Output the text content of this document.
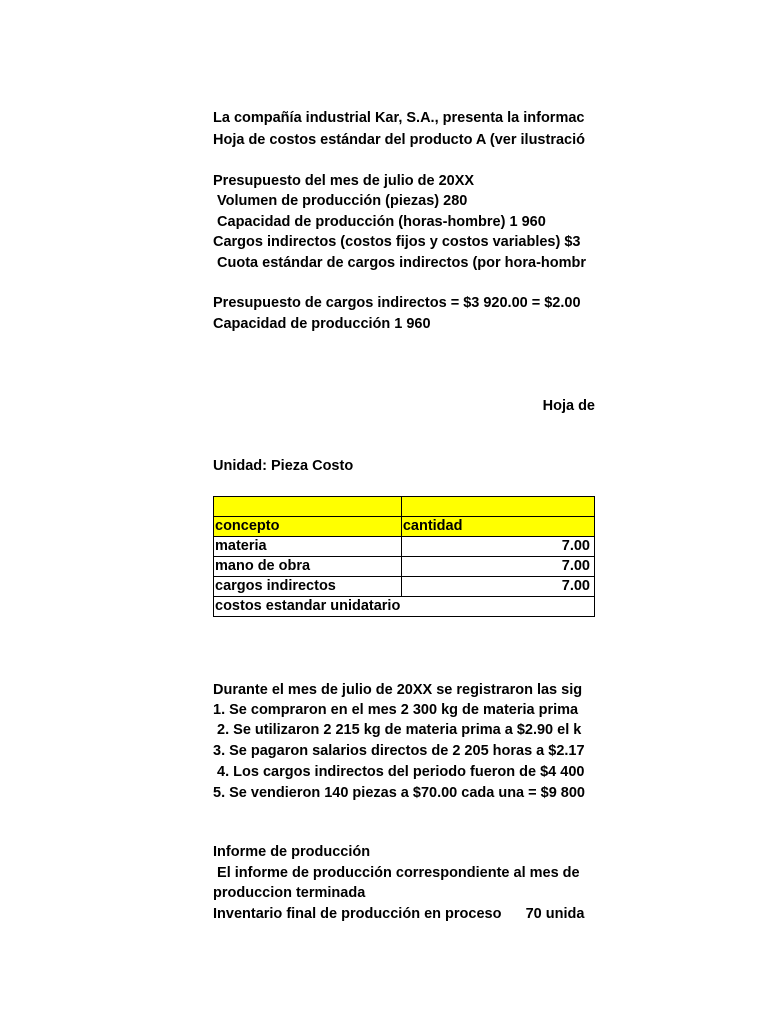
La compañía industrial Kar, S.A., presenta la informac
Hoja de costos estándar del producto A (ver ilustració
Presupuesto del mes de julio de 20XX
Volumen de producción (piezas) 280
Capacidad de producción (horas-hombre) 1 960
Cargos indirectos (costos fijos y costos variables) $3
Cuota estándar de cargos indirectos (por hora-hombr
Presupuesto de cargos indirectos = $3 920.00 = $2.00
Capacidad de producción 1 960
Hoja de
Unidad: Pieza Costo

concepto	cantidad
materia	7.00
mano de obra	7.00
cargos indirectos	7.00

costos estandar unidatario	

Durante el mes de julio de 20XX se registraron las sig
1. Se compraron en el mes 2 300 kg de materia prima
2. Se utilizaron 2 215 kg de materia prima a $2.90 el k
3. Se pagaron salarios directos de 2 205 horas a $2.17
4. Los cargos indirectos del periodo fueron de $4 400
5. Se vendieron 140 piezas a $70.00 cada una = $9 800
Informe de producción
El informe de producción correspondiente al mes de
produccion terminada
Inventario final de producción en proceso      70 unida
